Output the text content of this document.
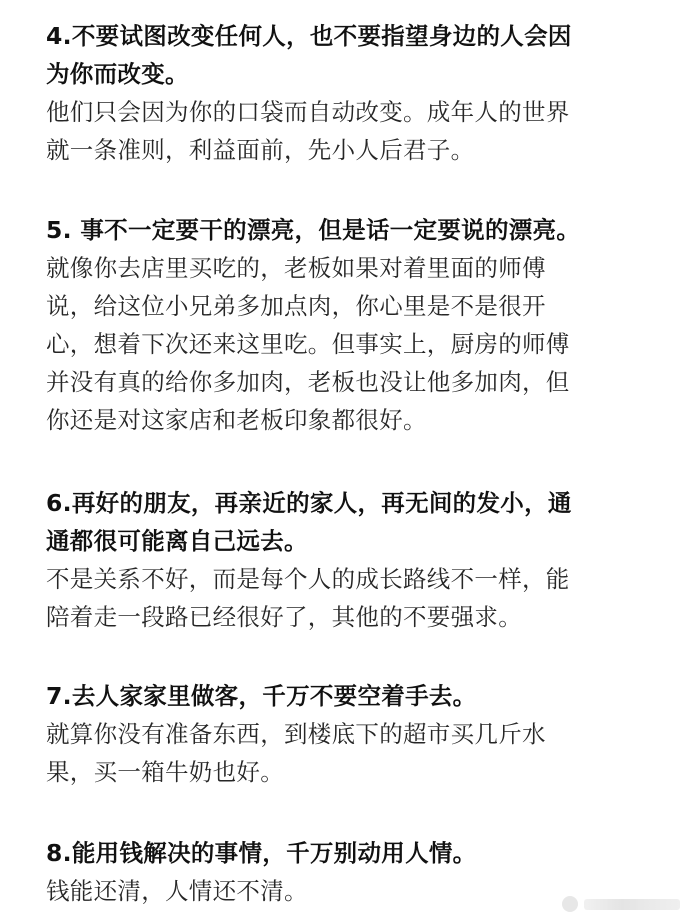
4.不要试图改变任何人，也不要指望身边的人会因
为你而改变。
他们只会因为你的口袋而自动改变。成年人的世界
就一条准则，利益面前，先小人后君子。
5. 事不一定要干的漂亮，但是话一定要说的漂亮。
就像你去店里买吃的，老板如果对着里面的师傅
说，给这位小兄弟多加点肉，你心里是不是很开
心，想着下次还来这里吃。但事实上，厨房的师傅
并没有真的给你多加肉，老板也没让他多加肉，但
你还是对这家店和老板印象都很好。
6.再好的朋友，再亲近的家人，再无间的发小，通
通都很可能离自己远去。
不是关系不好，而是每个人的成长路线不一样，能
陪着走一段路已经很好了，其他的不要强求。
7.去人家家里做客，千万不要空着手去。
就算你没有准备东西，到楼底下的超市买几斤水
果，买一箱牛奶也好。
8.能用钱解决的事情，千万别动用人情。
钱能还清，人情还不清。
